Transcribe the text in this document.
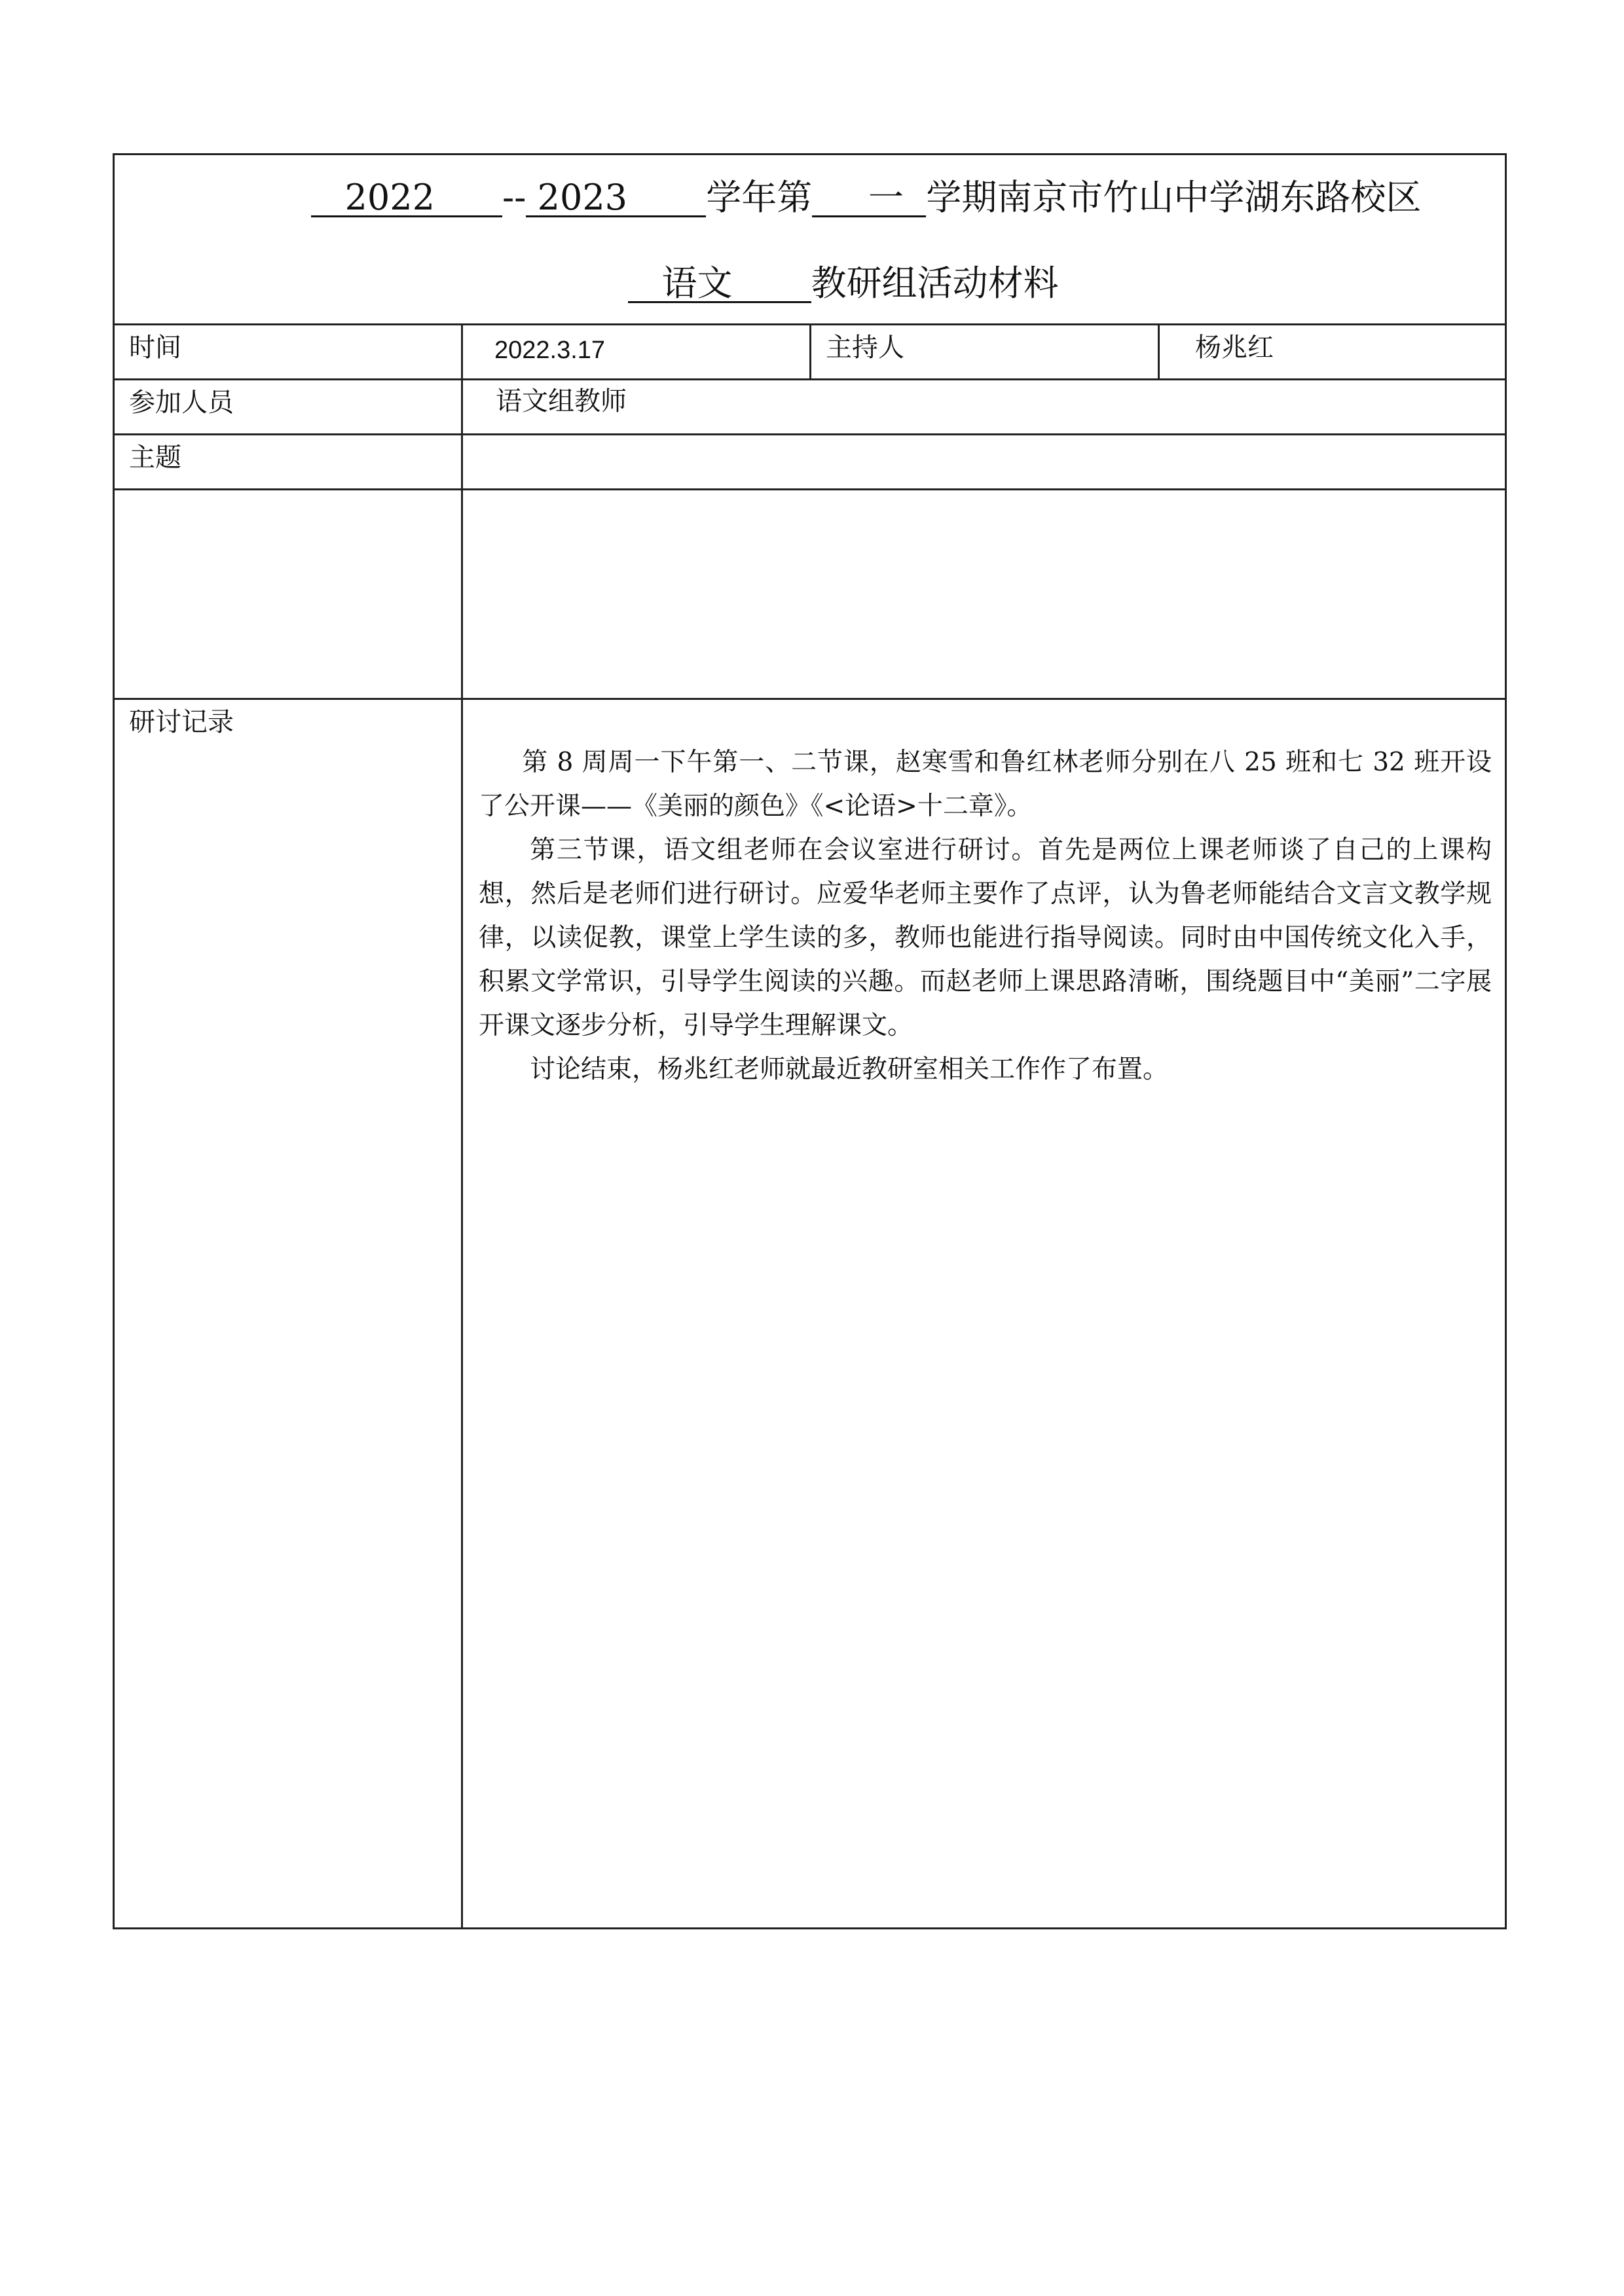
2022 -- 2023 学年第 一 学期南京市竹山中学湖东路校区
语文 教研组活动材料			

时间	2022.3.17	主持人	杨兆红

参加人员	语文组教师		

主题			

研讨记录	第 8 周周一下午第一、二节课，赵寒雪和鲁红林老师分别在八 25 班和七 32 班开设了公开课——《美丽的颜色》《<论语>十二章》。

第三节课，语文组老师在会议室进行研讨。首先是两位上课老师谈了自己的上课构想，然后是老师们进行研讨。应爱华老师主要作了点评，认为鲁老师能结合文言文教学规律，以读促教，课堂上学生读的多，教师也能进行指导阅读。同时由中国传统文化入手，积累文学常识，引导学生阅读的兴趣。而赵老师上课思路清晰，围绕题目中“美丽”二字展开课文逐步分析，引导学生理解课文。

讨论结束，杨兆红老师就最近教研室相关工作作了布置。		
